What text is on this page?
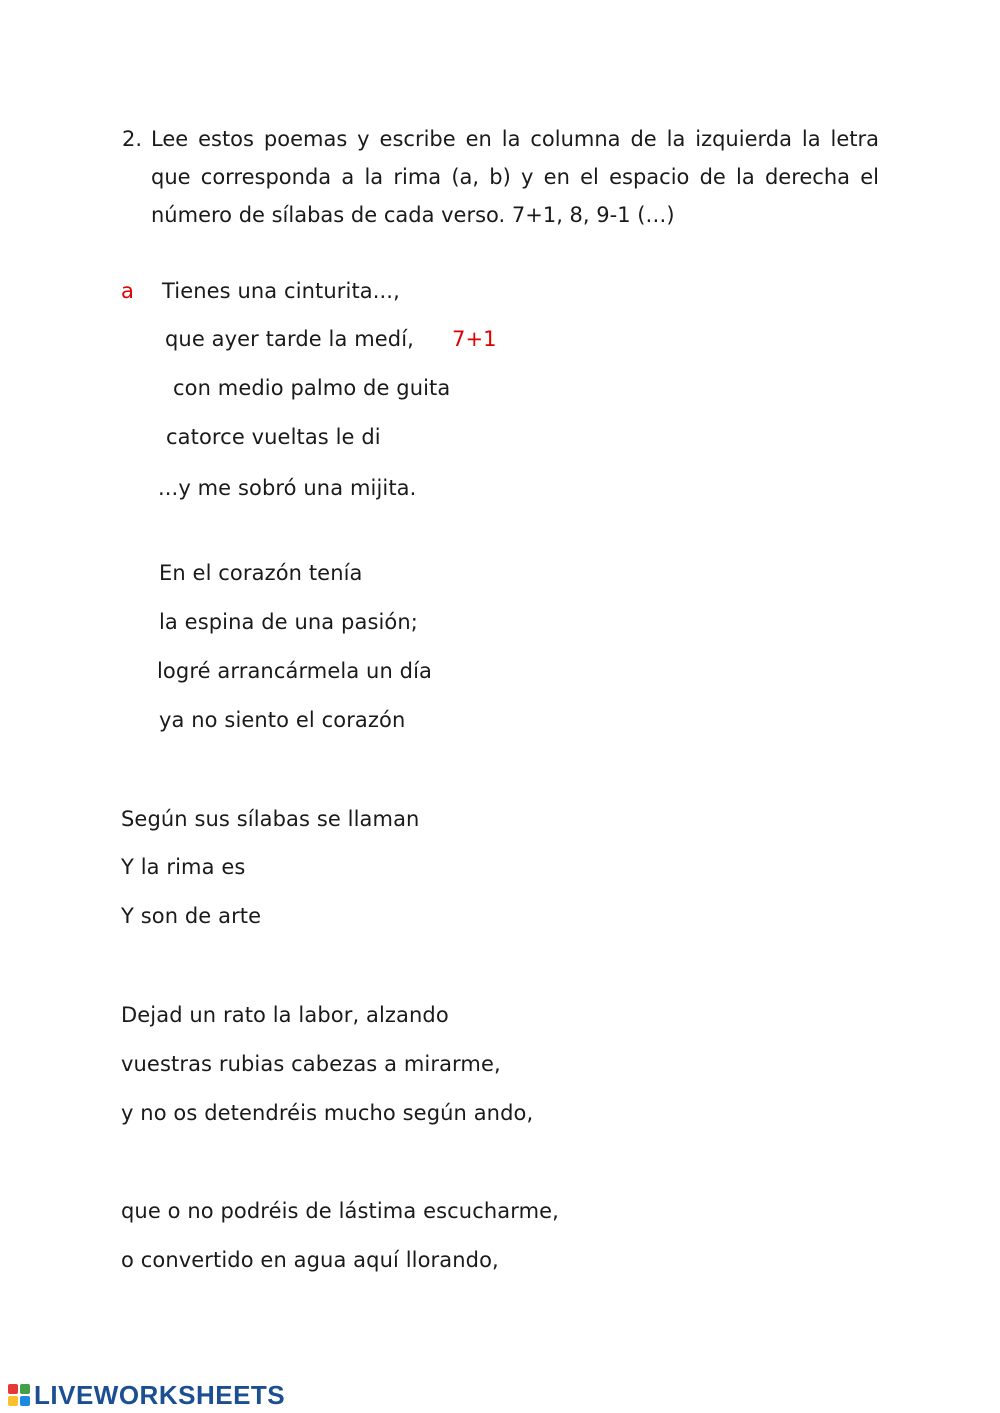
2. Lee estos poemas y escribe en la columna de la izquierda la letra
que corresponda a la rima (a, b) y en el espacio de la derecha el
número de sílabas de cada verso. 7+1, 8, 9-1 (…)
a Tienes una cinturita...,
que ayer tarde la medí, 7+1
con medio palmo de guita
catorce vueltas le di
...y me sobró una mijita.
En el corazón tenía
la espina de una pasión;
logré arrancármela un día
ya no siento el corazón
Según sus sílabas se llaman
Y la rima es
Y son de arte
Dejad un rato la labor, alzando
vuestras rubias cabezas a mirarme,
y no os detendréis mucho según ando,
que o no podréis de lástima escucharme,
o convertido en agua aquí llorando,
LIVEWORKSHEETS
